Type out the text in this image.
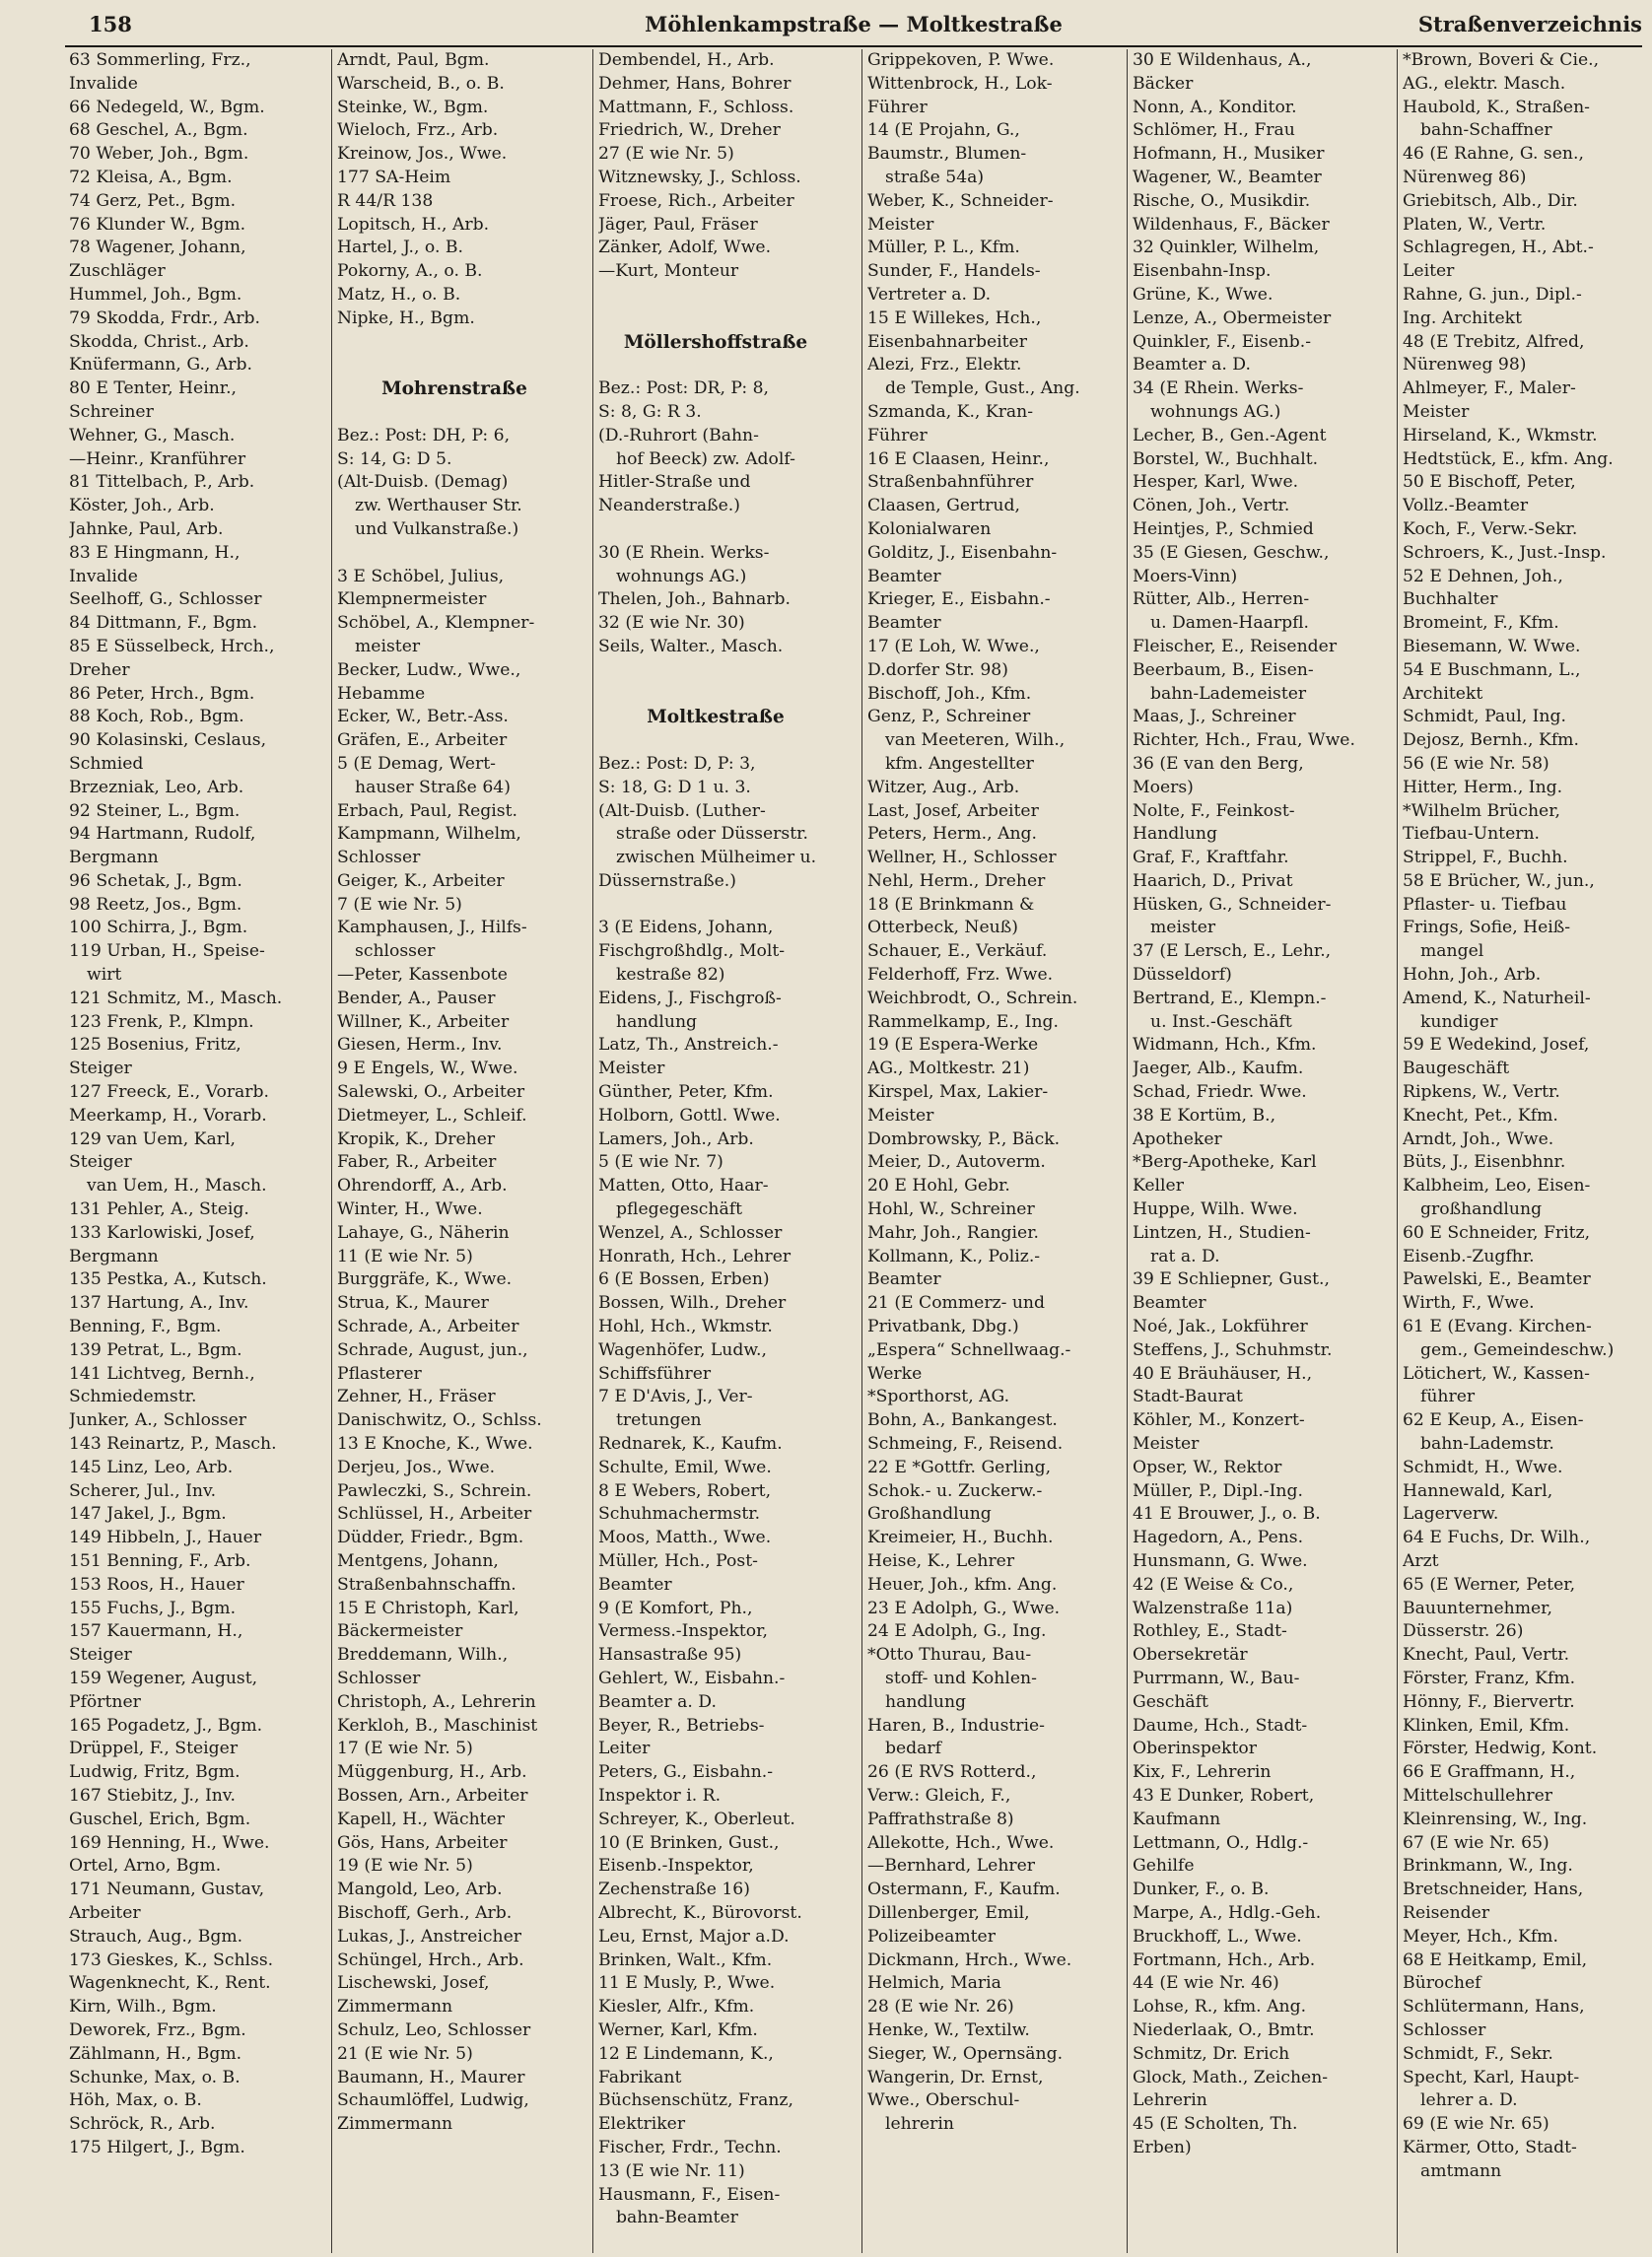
158	Möhlenkampstraße — Moltkestraße	Straßenverzeichnis
63 Sommerling, Frz.,
Invalide
66 Nedegeld, W., Bgm.
68 Geschel, A., Bgm.
70 Weber, Joh., Bgm.
72 Kleisa, A., Bgm.
74 Gerz, Pet., Bgm.
76 Klunder W., Bgm.
78 Wagener, Johann,
Zuschläger
Hummel, Joh., Bgm.
79 Skodda, Frdr., Arb.
Skodda, Christ., Arb.
Knüfermann, G., Arb.
80 E Tenter, Heinr.,
Schreiner
Wehner, G., Masch.
—Heinr., Kranführer
81 Tittelbach, P., Arb.
Köster, Joh., Arb.
Jahnke, Paul, Arb.
83 E Hingmann, H.,
Invalide
Seelhoff, G., Schlosser
84 Dittmann, F., Bgm.
85 E Süsselbeck, Hrch.,
Dreher
86 Peter, Hrch., Bgm.
88 Koch, Rob., Bgm.
90 Kolasinski, Ceslaus,
Schmied
Brzezniak, Leo, Arb.
92 Steiner, L., Bgm.
94 Hartmann, Rudolf,
Bergmann
96 Schetak, J., Bgm.
98 Reetz, Jos., Bgm.
100 Schirra, J., Bgm.
119 Urban, H., Speise-
wirt
121 Schmitz, M., Masch.
123 Frenk, P., Klmpn.
125 Bosenius, Fritz,
Steiger
127 Freeck, E., Vorarb.
Meerkamp, H., Vorarb.
129 van Uem, Karl,
Steiger
van Uem, H., Masch.
131 Pehler, A., Steig.
133 Karlowiski, Josef,
Bergmann
135 Pestka, A., Kutsch.
137 Hartung, A., Inv.
Benning, F., Bgm.
139 Petrat, L., Bgm.
141 Lichtveg, Bernh.,
Schmiedemstr.
Junker, A., Schlosser
143 Reinartz, P., Masch.
145 Linz, Leo, Arb.
Scherer, Jul., Inv.
147 Jakel, J., Bgm.
149 Hibbeln, J., Hauer
151 Benning, F., Arb.
153 Roos, H., Hauer
155 Fuchs, J., Bgm.
157 Kauermann, H.,
Steiger
159 Wegener, August,
Pförtner
165 Pogadetz, J., Bgm.
Drüppel, F., Steiger
Ludwig, Fritz, Bgm.
167 Stiebitz, J., Inv.
Guschel, Erich, Bgm.
169 Henning, H., Wwe.
Ortel, Arno, Bgm.
171 Neumann, Gustav,
Arbeiter
Strauch, Aug., Bgm.
173 Gieskes, K., Schlss.
Wagenknecht, K., Rent.
Kirn, Wilh., Bgm.
Deworek, Frz., Bgm.
Zählmann, H., Bgm.
Schunke, Max, o. B.
Höh, Max, o. B.
Schröck, R., Arb.
175 Hilgert, J., Bgm.
Arndt, Paul, Bgm.
Warscheid, B., o. B.
Steinke, W., Bgm.
Wieloch, Frz., Arb.
Kreinow, Jos., Wwe.
177 SA-Heim
R 44/R 138
Lopitsch, H., Arb.
Hartel, J., o. B.
Pokorny, A., o. B.
Matz, H., o. B.
Nipke, H., Bgm.
Mohrenstraße
Bez.: Post: DH, P: 6,
S: 14, G: D 5.
(Alt-Duisb. (Demag)
zw. Werthauser Str.
und Vulkanstraße.)
3 E Schöbel, Julius,
Klempnermeister
Schöbel, A., Klempner-
meister
Becker, Ludw., Wwe.,
Hebamme
Ecker, W., Betr.-Ass.
Gräfen, E., Arbeiter
5 (E Demag, Wert-
hauser Straße 64)
Erbach, Paul, Regist.
Kampmann, Wilhelm,
Schlosser
Geiger, K., Arbeiter
7 (E wie Nr. 5)
Kamphausen, J., Hilfs-
schlosser
—Peter, Kassenbote
Bender, A., Pauser
Willner, K., Arbeiter
Giesen, Herm., Inv.
9 E Engels, W., Wwe.
Salewski, O., Arbeiter
Dietmeyer, L., Schleif.
Kropik, K., Dreher
Faber, R., Arbeiter
Ohrendorff, A., Arb.
Winter, H., Wwe.
Lahaye, G., Näherin
11 (E wie Nr. 5)
Burggräfe, K., Wwe.
Strua, K., Maurer
Schrade, A., Arbeiter
Schrade, August, jun.,
Pflasterer
Zehner, H., Fräser
Danischwitz, O., Schlss.
13 E Knoche, K., Wwe.
Derjeu, Jos., Wwe.
Pawleczki, S., Schrein.
Schlüssel, H., Arbeiter
Düdder, Friedr., Bgm.
Mentgens, Johann,
Straßenbahnschaffn.
15 E Christoph, Karl,
Bäckermeister
Breddemann, Wilh.,
Schlosser
Christoph, A., Lehrerin
Kerkloh, B., Maschinist
17 (E wie Nr. 5)
Müggenburg, H., Arb.
Bossen, Arn., Arbeiter
Kapell, H., Wächter
Gös, Hans, Arbeiter
19 (E wie Nr. 5)
Mangold, Leo, Arb.
Bischoff, Gerh., Arb.
Lukas, J., Anstreicher
Schüngel, Hrch., Arb.
Lischewski, Josef,
Zimmermann
Schulz, Leo, Schlosser
21 (E wie Nr. 5)
Baumann, H., Maurer
Schaumlöffel, Ludwig,
Zimmermann
Dembendel, H., Arb.
Dehmer, Hans, Bohrer
Mattmann, F., Schloss.
Friedrich, W., Dreher
27 (E wie Nr. 5)
Witznewsky, J., Schloss.
Froese, Rich., Arbeiter
Jäger, Paul, Fräser
Zänker, Adolf, Wwe.
—Kurt, Monteur
Möllershoffstraße
Bez.: Post: DR, P: 8,
S: 8, G: R 3.
(D.-Ruhrort (Bahn-
hof Beeck) zw. Adolf-
Hitler-Straße und
Neanderstraße.)
30 (E Rhein. Werks-
wohnungs AG.)
Thelen, Joh., Bahnarb.
32 (E wie Nr. 30)
Seils, Walter., Masch.
Moltkestraße
Bez.: Post: D, P: 3,
S: 18, G: D 1 u. 3.
(Alt-Duisb. (Luther-
straße oder Düsserstr.
zwischen Mülheimer u.
Düssernstraße.)
3 (E Eidens, Johann,
Fischgroßhdlg., Molt-
kestraße 82)
Eidens, J., Fischgroß-
handlung
Latz, Th., Anstreich.-
Meister
Günther, Peter, Kfm.
Holborn, Gottl. Wwe.
Lamers, Joh., Arb.
5 (E wie Nr. 7)
Matten, Otto, Haar-
pflegegeschäft
Wenzel, A., Schlosser
Honrath, Hch., Lehrer
6 (E Bossen, Erben)
Bossen, Wilh., Dreher
Hohl, Hch., Wkmstr.
Wagenhöfer, Ludw.,
Schiffsführer
7 E D'Avis, J., Ver-
tretungen
Rednarek, K., Kaufm.
Schulte, Emil, Wwe.
8 E Webers, Robert,
Schuhmachermstr.
Moos, Matth., Wwe.
Müller, Hch., Post-
Beamter
9 (E Komfort, Ph.,
Vermess.-Inspektor,
Hansastraße 95)
Gehlert, W., Eisbahn.-
Beamter a. D.
Beyer, R., Betriebs-
Leiter
Peters, G., Eisbahn.-
Inspektor i. R.
Schreyer, K., Oberleut.
10 (E Brinken, Gust.,
Eisenb.-Inspektor,
Zechenstraße 16)
Albrecht, K., Bürovorst.
Leu, Ernst, Major a.D.
Brinken, Walt., Kfm.
11 E Musly, P., Wwe.
Kiesler, Alfr., Kfm.
Werner, Karl, Kfm.
12 E Lindemann, K.,
Fabrikant
Büchsenschütz, Franz,
Elektriker
Fischer, Frdr., Techn.
13 (E wie Nr. 11)
Hausmann, F., Eisen-
bahn-Beamter
Grippekoven, P. Wwe.
Wittenbrock, H., Lok-
Führer
14 (E Projahn, G.,
Baumstr., Blumen-
straße 54a)
Weber, K., Schneider-
Meister
Müller, P. L., Kfm.
Sunder, F., Handels-
Vertreter a. D.
15 E Willekes, Hch.,
Eisenbahnarbeiter
Alezi, Frz., Elektr.
de Temple, Gust., Ang.
Szmanda, K., Kran-
Führer
16 E Claasen, Heinr.,
Straßenbahnführer
Claasen, Gertrud,
Kolonialwaren
Golditz, J., Eisenbahn-
Beamter
Krieger, E., Eisbahn.-
Beamter
17 (E Loh, W. Wwe.,
D.dorfer Str. 98)
Bischoff, Joh., Kfm.
Genz, P., Schreiner
van Meeteren, Wilh.,
kfm. Angestellter
Witzer, Aug., Arb.
Last, Josef, Arbeiter
Peters, Herm., Ang.
Wellner, H., Schlosser
Nehl, Herm., Dreher
18 (E Brinkmann &
Otterbeck, Neuß)
Schauer, E., Verkäuf.
Felderhoff, Frz. Wwe.
Weichbrodt, O., Schrein.
Rammelkamp, E., Ing.
19 (E Espera-Werke
AG., Moltkestr. 21)
Kirspel, Max, Lakier-
Meister
Dombrowsky, P., Bäck.
Meier, D., Autoverm.
20 E Hohl, Gebr.
Hohl, W., Schreiner
Mahr, Joh., Rangier.
Kollmann, K., Poliz.-
Beamter
21 (E Commerz- und
Privatbank, Dbg.)
„Espera“ Schnellwaag.-
Werke
*Sporthorst, AG.
Bohn, A., Bankangest.
Schmeing, F., Reisend.
22 E *Gottfr. Gerling,
Schok.- u. Zuckerw.-
Großhandlung
Kreimeier, H., Buchh.
Heise, K., Lehrer
Heuer, Joh., kfm. Ang.
23 E Adolph, G., Wwe.
24 E Adolph, G., Ing.
*Otto Thurau, Bau-
stoff- und Kohlen-
handlung
Haren, B., Industrie-
bedarf
26 (E RVS Rotterd.,
Verw.: Gleich, F.,
Paffrathstraße 8)
Allekotte, Hch., Wwe.
—Bernhard, Lehrer
Ostermann, F., Kaufm.
Dillenberger, Emil,
Polizeibeamter
Dickmann, Hrch., Wwe.
Helmich, Maria
28 (E wie Nr. 26)
Henke, W., Textilw.
Sieger, W., Opernsäng.
Wangerin, Dr. Ernst,
Wwe., Oberschul-
lehrerin
30 E Wildenhaus, A.,
Bäcker
Nonn, A., Konditor.
Schlömer, H., Frau
Hofmann, H., Musiker
Wagener, W., Beamter
Rische, O., Musikdir.
Wildenhaus, F., Bäcker
32 Quinkler, Wilhelm,
Eisenbahn-Insp.
Grüne, K., Wwe.
Lenze, A., Obermeister
Quinkler, F., Eisenb.-
Beamter a. D.
34 (E Rhein. Werks-
wohnungs AG.)
Lecher, B., Gen.-Agent
Borstel, W., Buchhalt.
Hesper, Karl, Wwe.
Cönen, Joh., Vertr.
Heintjes, P., Schmied
35 (E Giesen, Geschw.,
Moers-Vinn)
Rütter, Alb., Herren-
u. Damen-Haarpfl.
Fleischer, E., Reisender
Beerbaum, B., Eisen-
bahn-Lademeister
Maas, J., Schreiner
Richter, Hch., Frau, Wwe.
36 (E van den Berg,
Moers)
Nolte, F., Feinkost-
Handlung
Graf, F., Kraftfahr.
Haarich, D., Privat
Hüsken, G., Schneider-
meister
37 (E Lersch, E., Lehr.,
Düsseldorf)
Bertrand, E., Klempn.-
u. Inst.-Geschäft
Widmann, Hch., Kfm.
Jaeger, Alb., Kaufm.
Schad, Friedr. Wwe.
38 E Kortüm, B.,
Apotheker
*Berg-Apotheke, Karl
Keller
Huppe, Wilh. Wwe.
Lintzen, H., Studien-
rat a. D.
39 E Schliepner, Gust.,
Beamter
Noé, Jak., Lokführer
Steffens, J., Schuhmstr.
40 E Bräuhäuser, H.,
Stadt-Baurat
Köhler, M., Konzert-
Meister
Opser, W., Rektor
Müller, P., Dipl.-Ing.
41 E Brouwer, J., o. B.
Hagedorn, A., Pens.
Hunsmann, G. Wwe.
42 (E Weise & Co.,
Walzenstraße 11a)
Rothley, E., Stadt-
Obersekretär
Purrmann, W., Bau-
Geschäft
Daume, Hch., Stadt-
Oberinspektor
Kix, F., Lehrerin
43 E Dunker, Robert,
Kaufmann
Lettmann, O., Hdlg.-
Gehilfe
Dunker, F., o. B.
Marpe, A., Hdlg.-Geh.
Bruckhoff, L., Wwe.
Fortmann, Hch., Arb.
44 (E wie Nr. 46)
Lohse, R., kfm. Ang.
Niederlaak, O., Bmtr.
Schmitz, Dr. Erich
Glock, Math., Zeichen-
Lehrerin
45 (E Scholten, Th.
Erben)
*Brown, Boveri & Cie.,
AG., elektr. Masch.
Haubold, K., Straßen-
bahn-Schaffner
46 (E Rahne, G. sen.,
Nürenweg 86)
Griebitsch, Alb., Dir.
Platen, W., Vertr.
Schlagregen, H., Abt.-
Leiter
Rahne, G. jun., Dipl.-
Ing. Architekt
48 (E Trebitz, Alfred,
Nürenweg 98)
Ahlmeyer, F., Maler-
Meister
Hirseland, K., Wkmstr.
Hedtstück, E., kfm. Ang.
50 E Bischoff, Peter,
Vollz.-Beamter
Koch, F., Verw.-Sekr.
Schroers, K., Just.-Insp.
52 E Dehnen, Joh.,
Buchhalter
Bromeint, F., Kfm.
Biesemann, W. Wwe.
54 E Buschmann, L.,
Architekt
Schmidt, Paul, Ing.
Dejosz, Bernh., Kfm.
56 (E wie Nr. 58)
Hitter, Herm., Ing.
*Wilhelm Brücher,
Tiefbau-Untern.
Strippel, F., Buchh.
58 E Brücher, W., jun.,
Pflaster- u. Tiefbau
Frings, Sofie, Heiß-
mangel
Hohn, Joh., Arb.
Amend, K., Naturheil-
kundiger
59 E Wedekind, Josef,
Baugeschäft
Ripkens, W., Vertr.
Knecht, Pet., Kfm.
Arndt, Joh., Wwe.
Büts, J., Eisenbhnr.
Kalbheim, Leo, Eisen-
großhandlung
60 E Schneider, Fritz,
Eisenb.-Zugfhr.
Pawelski, E., Beamter
Wirth, F., Wwe.
61 E (Evang. Kirchen-
gem., Gemeindeschw.)
Lötichert, W., Kassen-
führer
62 E Keup, A., Eisen-
bahn-Lademstr.
Schmidt, H., Wwe.
Hannewald, Karl,
Lagerverw.
64 E Fuchs, Dr. Wilh.,
Arzt
65 (E Werner, Peter,
Bauunternehmer,
Düsserstr. 26)
Knecht, Paul, Vertr.
Förster, Franz, Kfm.
Hönny, F., Biervertr.
Klinken, Emil, Kfm.
Förster, Hedwig, Kont.
66 E Graffmann, H.,
Mittelschullehrer
Kleinrensing, W., Ing.
67 (E wie Nr. 65)
Brinkmann, W., Ing.
Bretschneider, Hans,
Reisender
Meyer, Hch., Kfm.
68 E Heitkamp, Emil,
Bürochef
Schlütermann, Hans,
Schlosser
Schmidt, F., Sekr.
Specht, Karl, Haupt-
lehrer a. D.
69 (E wie Nr. 65)
Kärmer, Otto, Stadt-
amtmann
